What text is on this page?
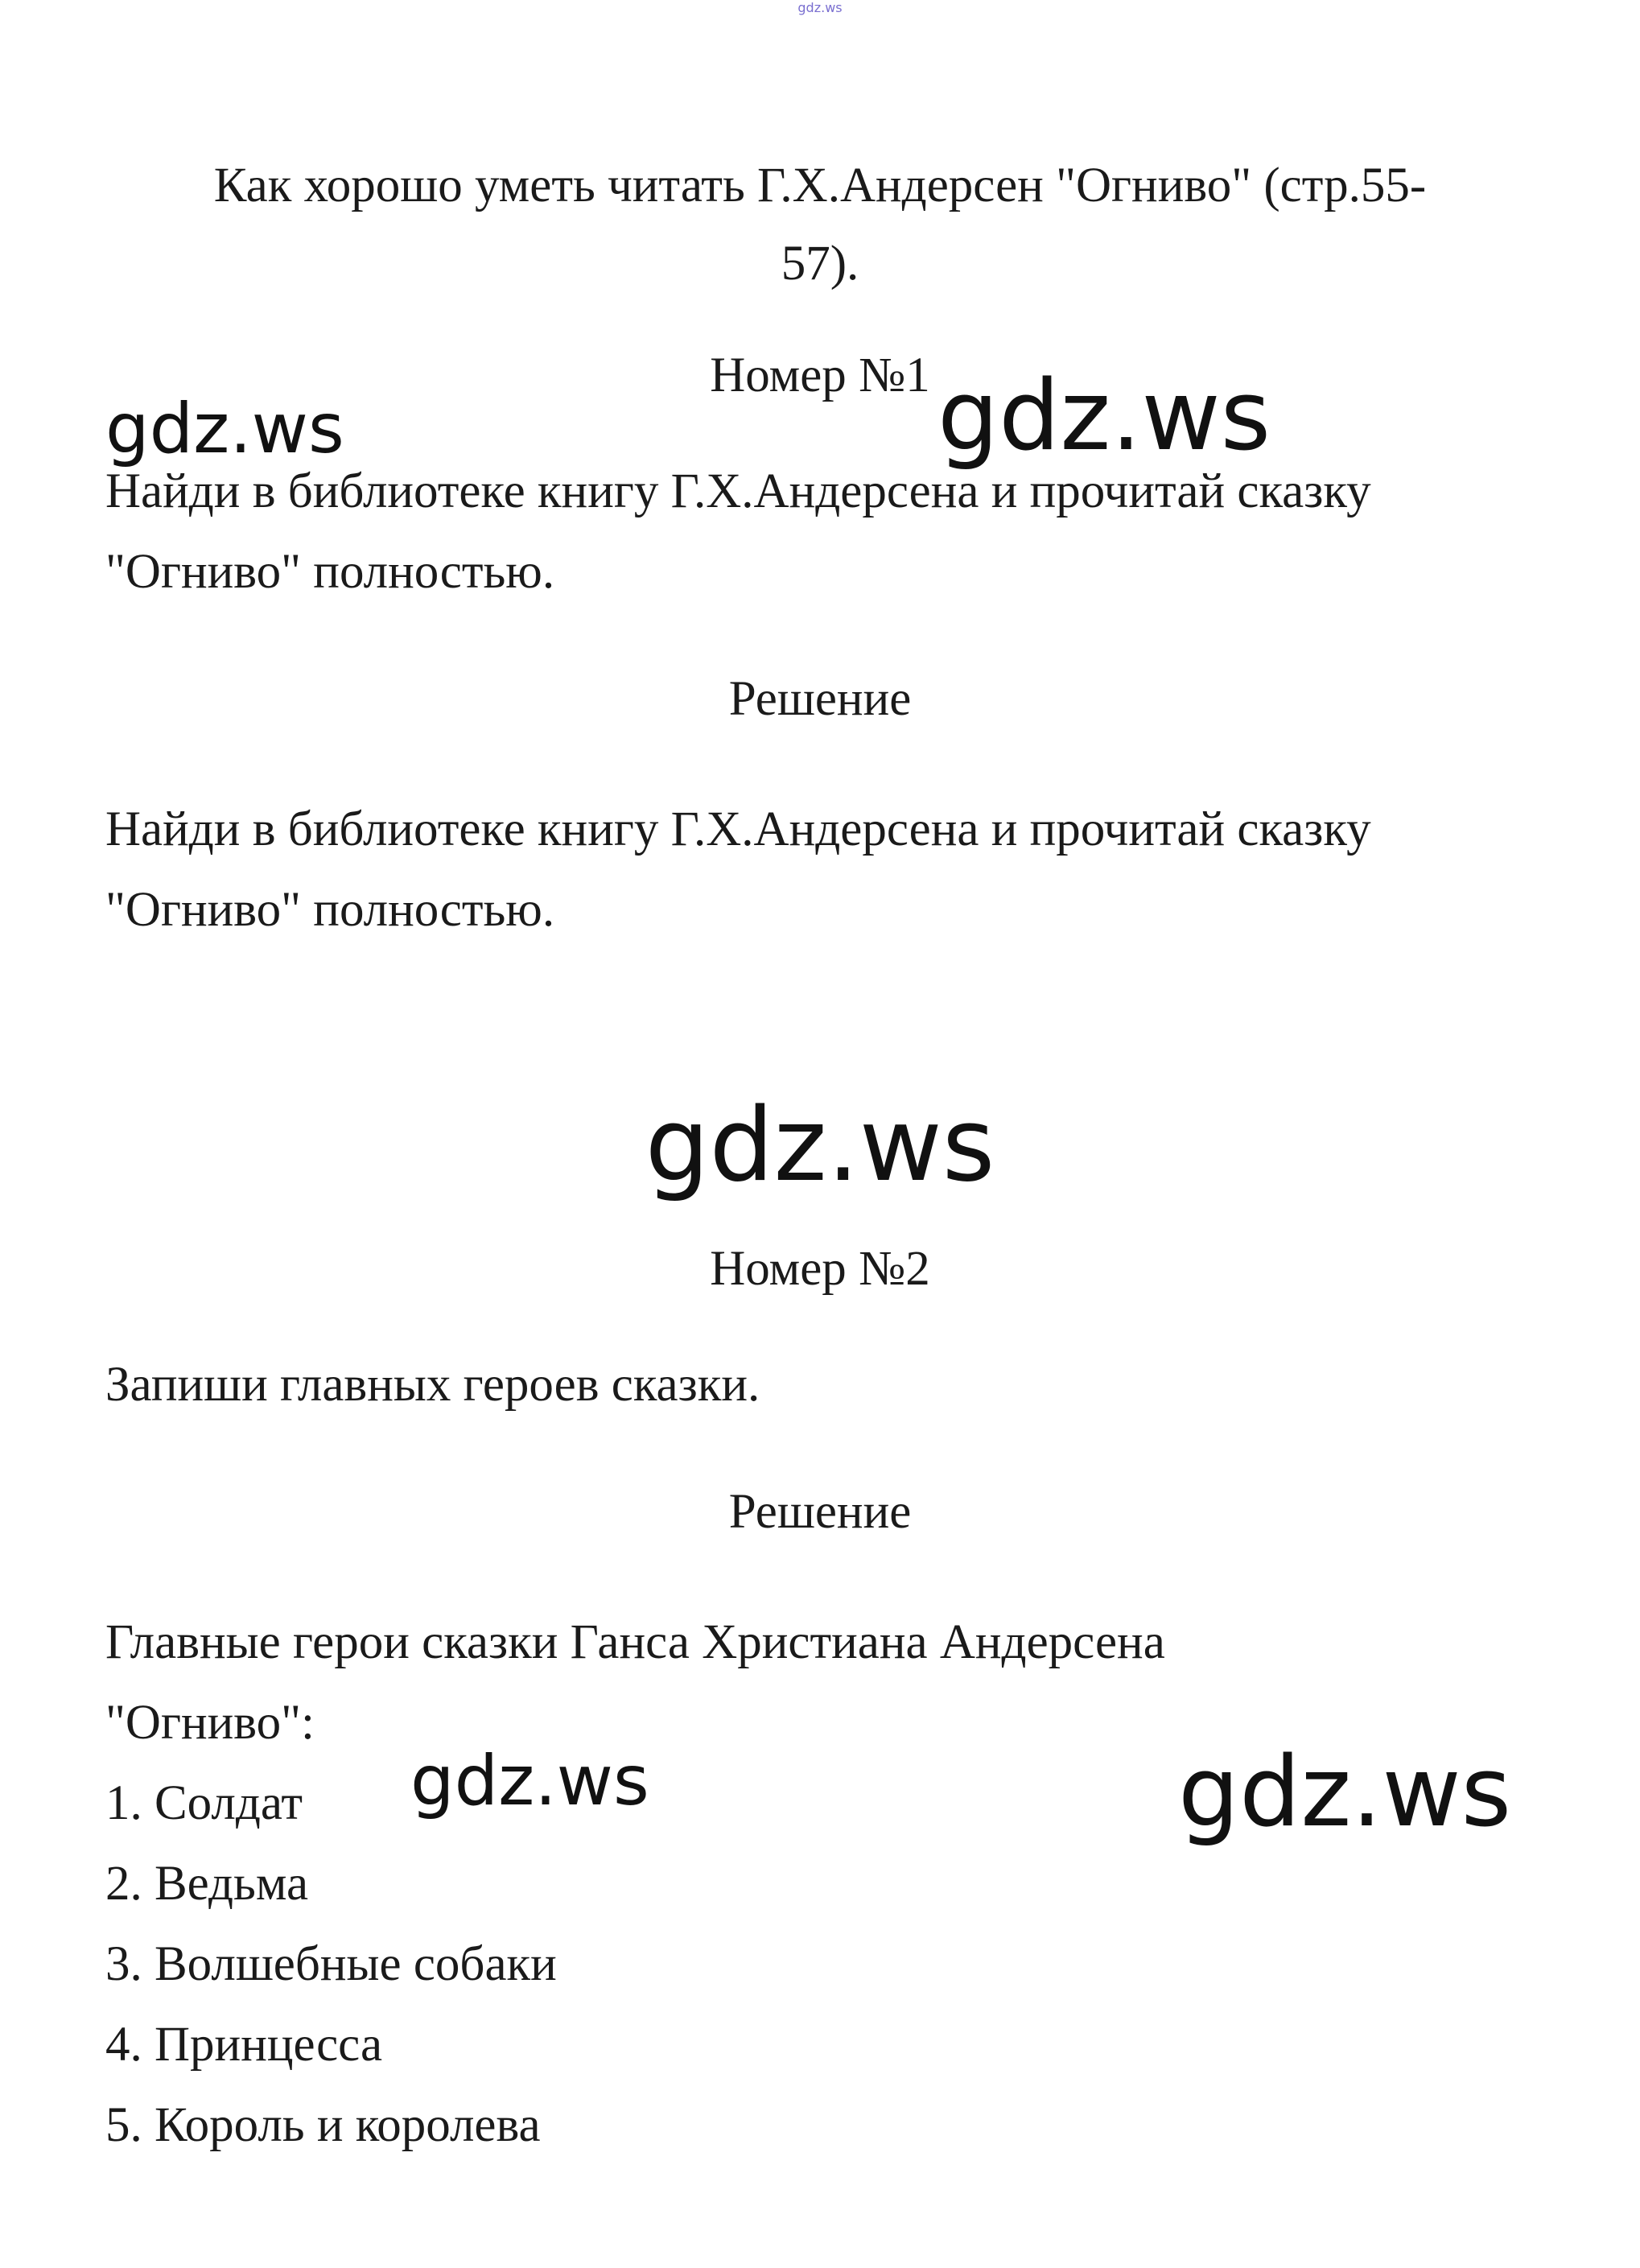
gdz.ws

Как хорошо уметь читать Г.Х.Андерсен "Огниво" (стр.55-

57).

Номер №1

gdz.ws	gdz.ws

Найди в библиотеке книгу Г.Х.Андерсена и прочитай сказку

"Огниво" полностью.

Решение

Найди в библиотеке книгу Г.Х.Андерсена и прочитай сказку

"Огниво" полностью.

gdz.ws

Номер №2

Запиши главных героев сказки.

Решение

Главные герои сказки Ганса Христиана Андерсена

"Огниво":

1. Солдат

2. Ведьма

3. Волшебные собаки

4. Принцесса

5. Король и королева

gdz.ws	gdz.ws
